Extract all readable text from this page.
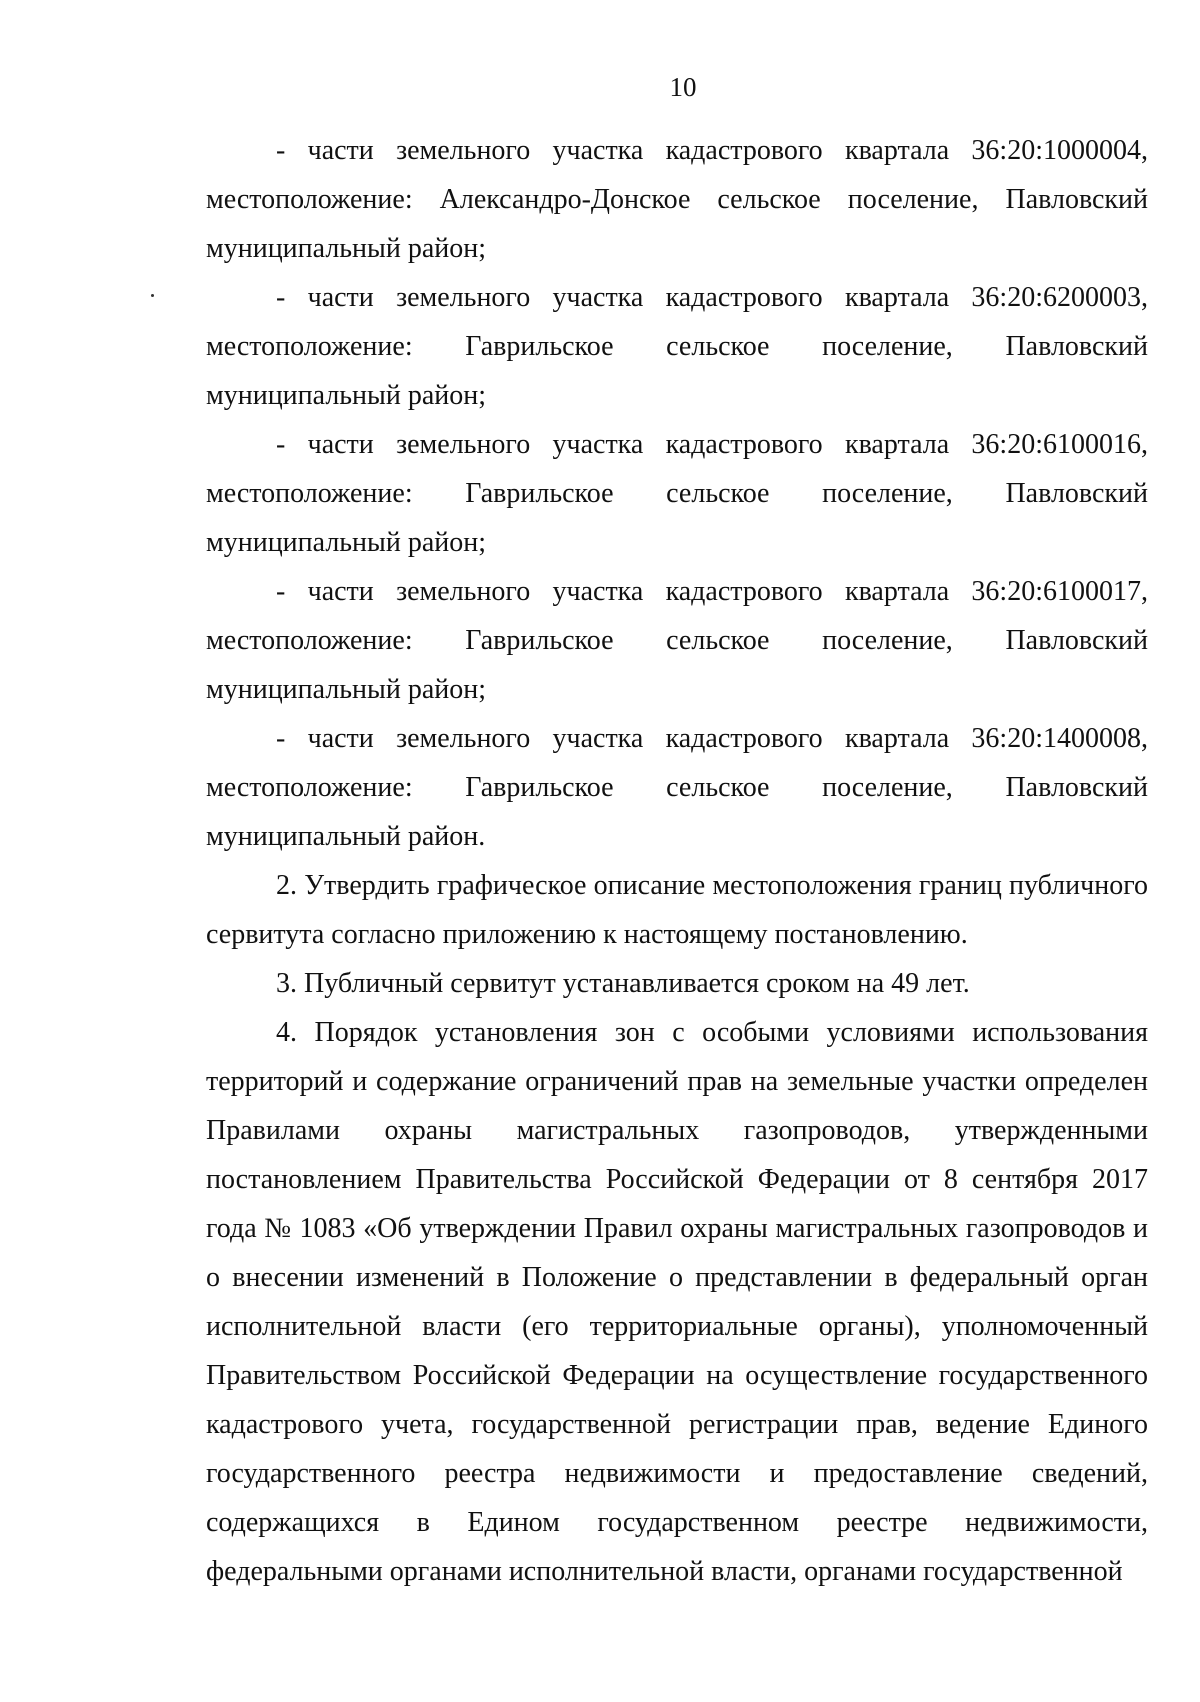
10

- части земельного участка кадастрового квартала 36:20:1000004, местоположение: Александро-Донское сельское поселение, Павловский муниципальный район;

- части земельного участка кадастрового квартала 36:20:6200003, местоположение: Гаврильское сельское поселение, Павловский муниципальный район;

- части земельного участка кадастрового квартала 36:20:6100016, местоположение: Гаврильское сельское поселение, Павловский муниципальный район;

- части земельного участка кадастрового квартала 36:20:6100017, местоположение: Гаврильское сельское поселение, Павловский муниципальный район;

- части земельного участка кадастрового квартала 36:20:1400008, местоположение: Гаврильское сельское поселение, Павловский муниципальный район.

2. Утвердить графическое описание местоположения границ публичного сервитута согласно приложению к настоящему постановлению.

3. Публичный сервитут устанавливается сроком на 49 лет.

4. Порядок установления зон с особыми условиями использования территорий и содержание ограничений прав на земельные участки определен Правилами охраны магистральных газопроводов, утвержденными постановлением Правительства Российской Федерации от 8 сентября 2017 года № 1083 «Об утверждении Правил охраны магистральных газопроводов и о внесении изменений в Положение о представлении в федеральный орган исполнительной власти (его территориальные органы), уполномоченный Правительством Российской Федерации на осуществление государственного кадастрового учета, государственной регистрации прав, ведение Единого государственного реестра недвижимости и предоставление сведений, содержащихся в Едином государственном реестре недвижимости, федеральными органами исполнительной власти, органами государственной
